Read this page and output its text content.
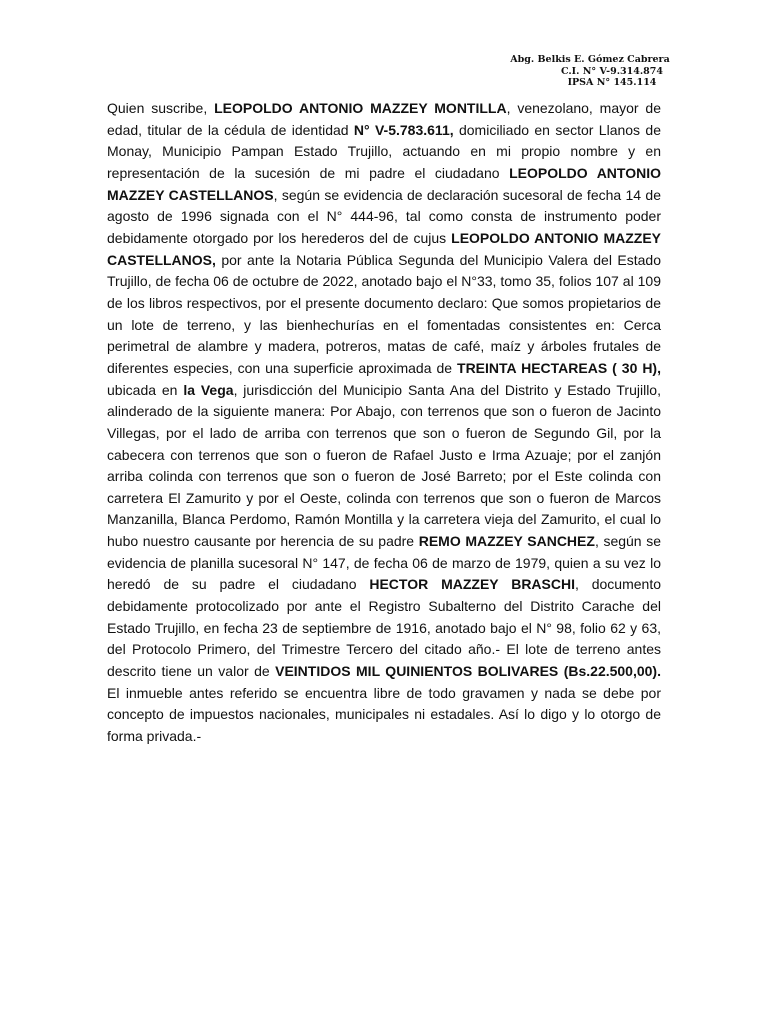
Abg. Belkis E. Gómez Cabrera
C.I. N° V-9.314.874
IPSA N° 145.114

Quien suscribe, LEOPOLDO ANTONIO MAZZEY MONTILLA, venezolano, mayor de edad, titular de la cédula de identidad N° V-5.783.611, domiciliado en sector Llanos de Monay, Municipio Pampan Estado Trujillo, actuando en mi propio nombre y en representación de la sucesión de mi padre el ciudadano LEOPOLDO ANTONIO MAZZEY CASTELLANOS, según se evidencia de declaración sucesoral de fecha 14 de agosto de 1996 signada con el N° 444-96, tal como consta de instrumento poder debidamente otorgado por los herederos del de cujus LEOPOLDO ANTONIO MAZZEY CASTELLANOS, por ante la Notaria Pública Segunda del Municipio Valera del Estado Trujillo, de fecha 06 de octubre de 2022, anotado bajo el N°33, tomo 35, folios 107 al 109 de los libros respectivos, por el presente documento declaro: Que somos propietarios de un lote de terreno, y las bienhechurías en el fomentadas consistentes en: Cerca perimetral de alambre y madera, potreros, matas de café, maíz y árboles frutales de diferentes especies, con una superficie aproximada de TREINTA HECTAREAS ( 30 H), ubicada en la Vega, jurisdicción del Municipio Santa Ana del Distrito y Estado Trujillo, alinderado de la siguiente manera: Por Abajo, con terrenos que son o fueron de Jacinto Villegas, por el lado de arriba con terrenos que son o fueron de Segundo Gil, por la cabecera con terrenos que son o fueron de Rafael Justo e Irma Azuaje; por el zanjón arriba colinda con terrenos que son o fueron de José Barreto; por el Este colinda con carretera El Zamurito y por el Oeste, colinda con terrenos que son o fueron de Marcos Manzanilla, Blanca Perdomo, Ramón Montilla y la carretera vieja del Zamurito, el cual lo hubo nuestro causante por herencia de su padre REMO MAZZEY SANCHEZ, según se evidencia de planilla sucesoral N° 147, de fecha 06 de marzo de 1979, quien a su vez lo heredó de su padre el ciudadano HECTOR MAZZEY BRASCHI, documento debidamente protocolizado por ante el Registro Subalterno del Distrito Carache del Estado Trujillo, en fecha 23 de septiembre de 1916, anotado bajo el N° 98, folio 62 y 63, del Protocolo Primero, del Trimestre Tercero del citado año.- El lote de terreno antes descrito tiene un valor de VEINTIDOS MIL QUINIENTOS BOLIVARES (Bs.22.500,00). El inmueble antes referido se encuentra libre de todo gravamen y nada se debe por concepto de impuestos nacionales, municipales ni estadales. Así lo digo y lo otorgo de forma privada.-
